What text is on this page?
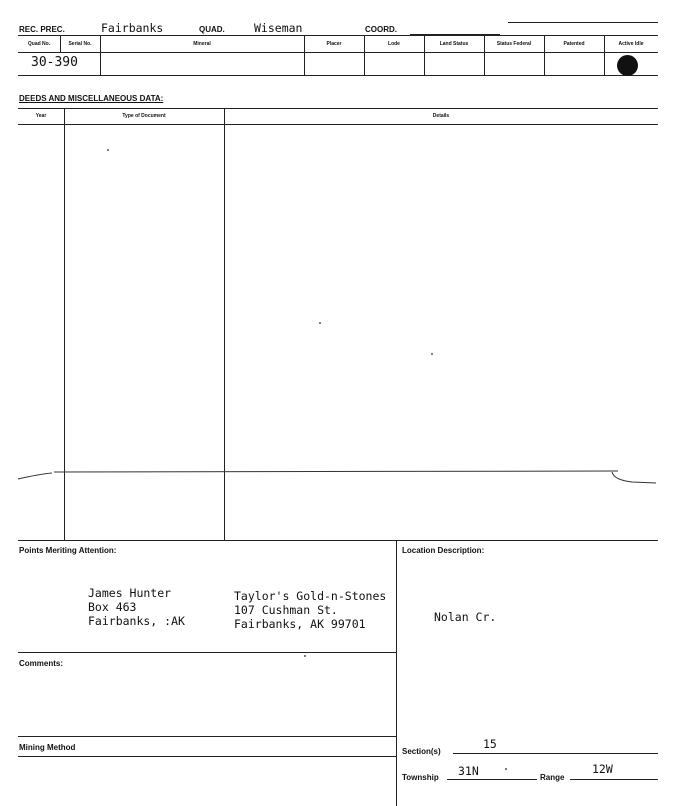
REC. PREC.	Fairbanks	QUAD.	Wiseman	COORD.
Quad No.	Serial No.	Mineral	Placer	Lode	Land Status	Status Federal	Patented	Active Idle
30-390
DEEDS AND MISCELLANEOUS DATA:
Year	Type of Document	Details
Points Meriting Attention:
James Hunter
Box 463
Fairbanks, :AK
Taylor's Gold-n-Stones
107 Cushman St.
Fairbanks, AK 99701
Comments:
Mining Method
Location Description:
Nolan Cr.
Section(s)
15
Township 31N	Range
12W
